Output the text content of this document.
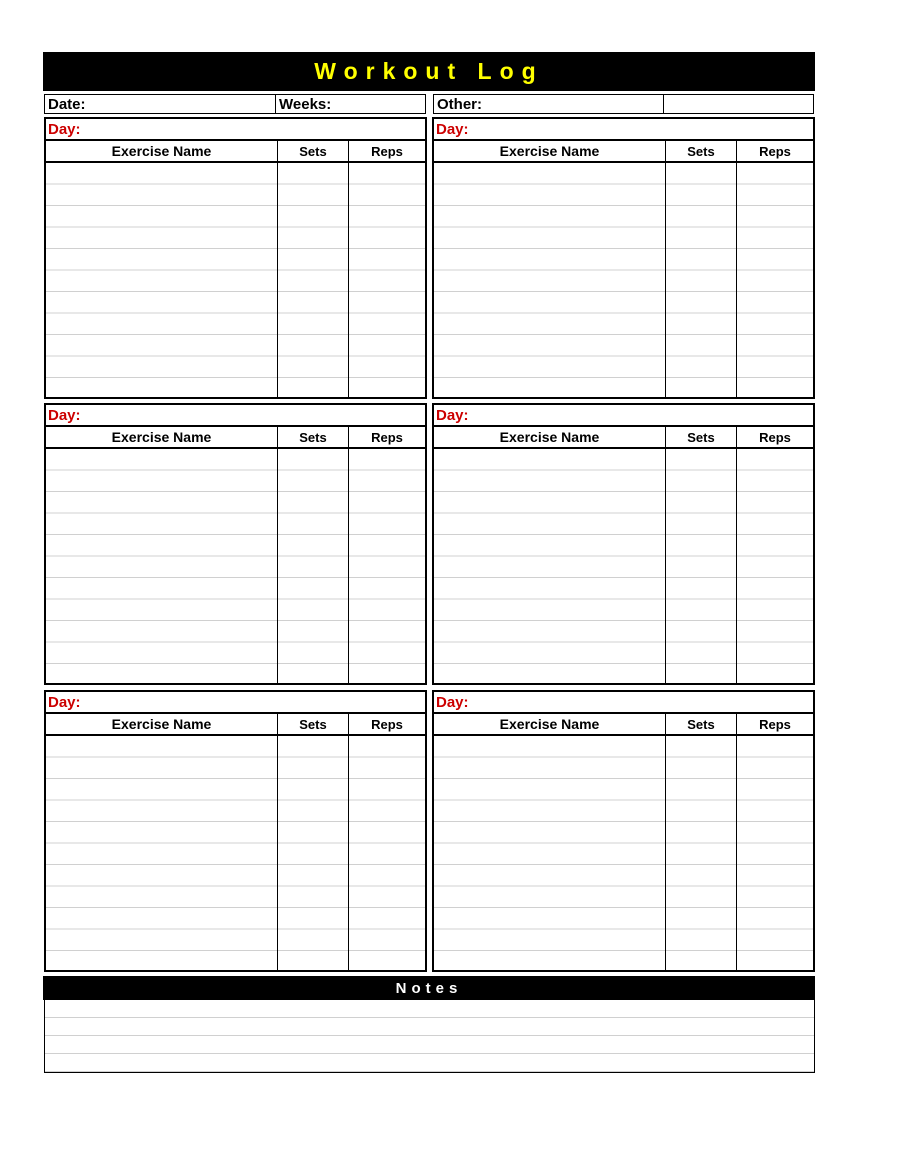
Workout Log
Date:	Weeks:	Other:
Day:
Exercise Name	Sets	Reps
Day:
Exercise Name	Sets	Reps
Day:
Exercise Name	Sets	Reps
Day:
Exercise Name	Sets	Reps
Day:
Exercise Name	Sets	Reps
Day:
Exercise Name	Sets	Reps
Notes
